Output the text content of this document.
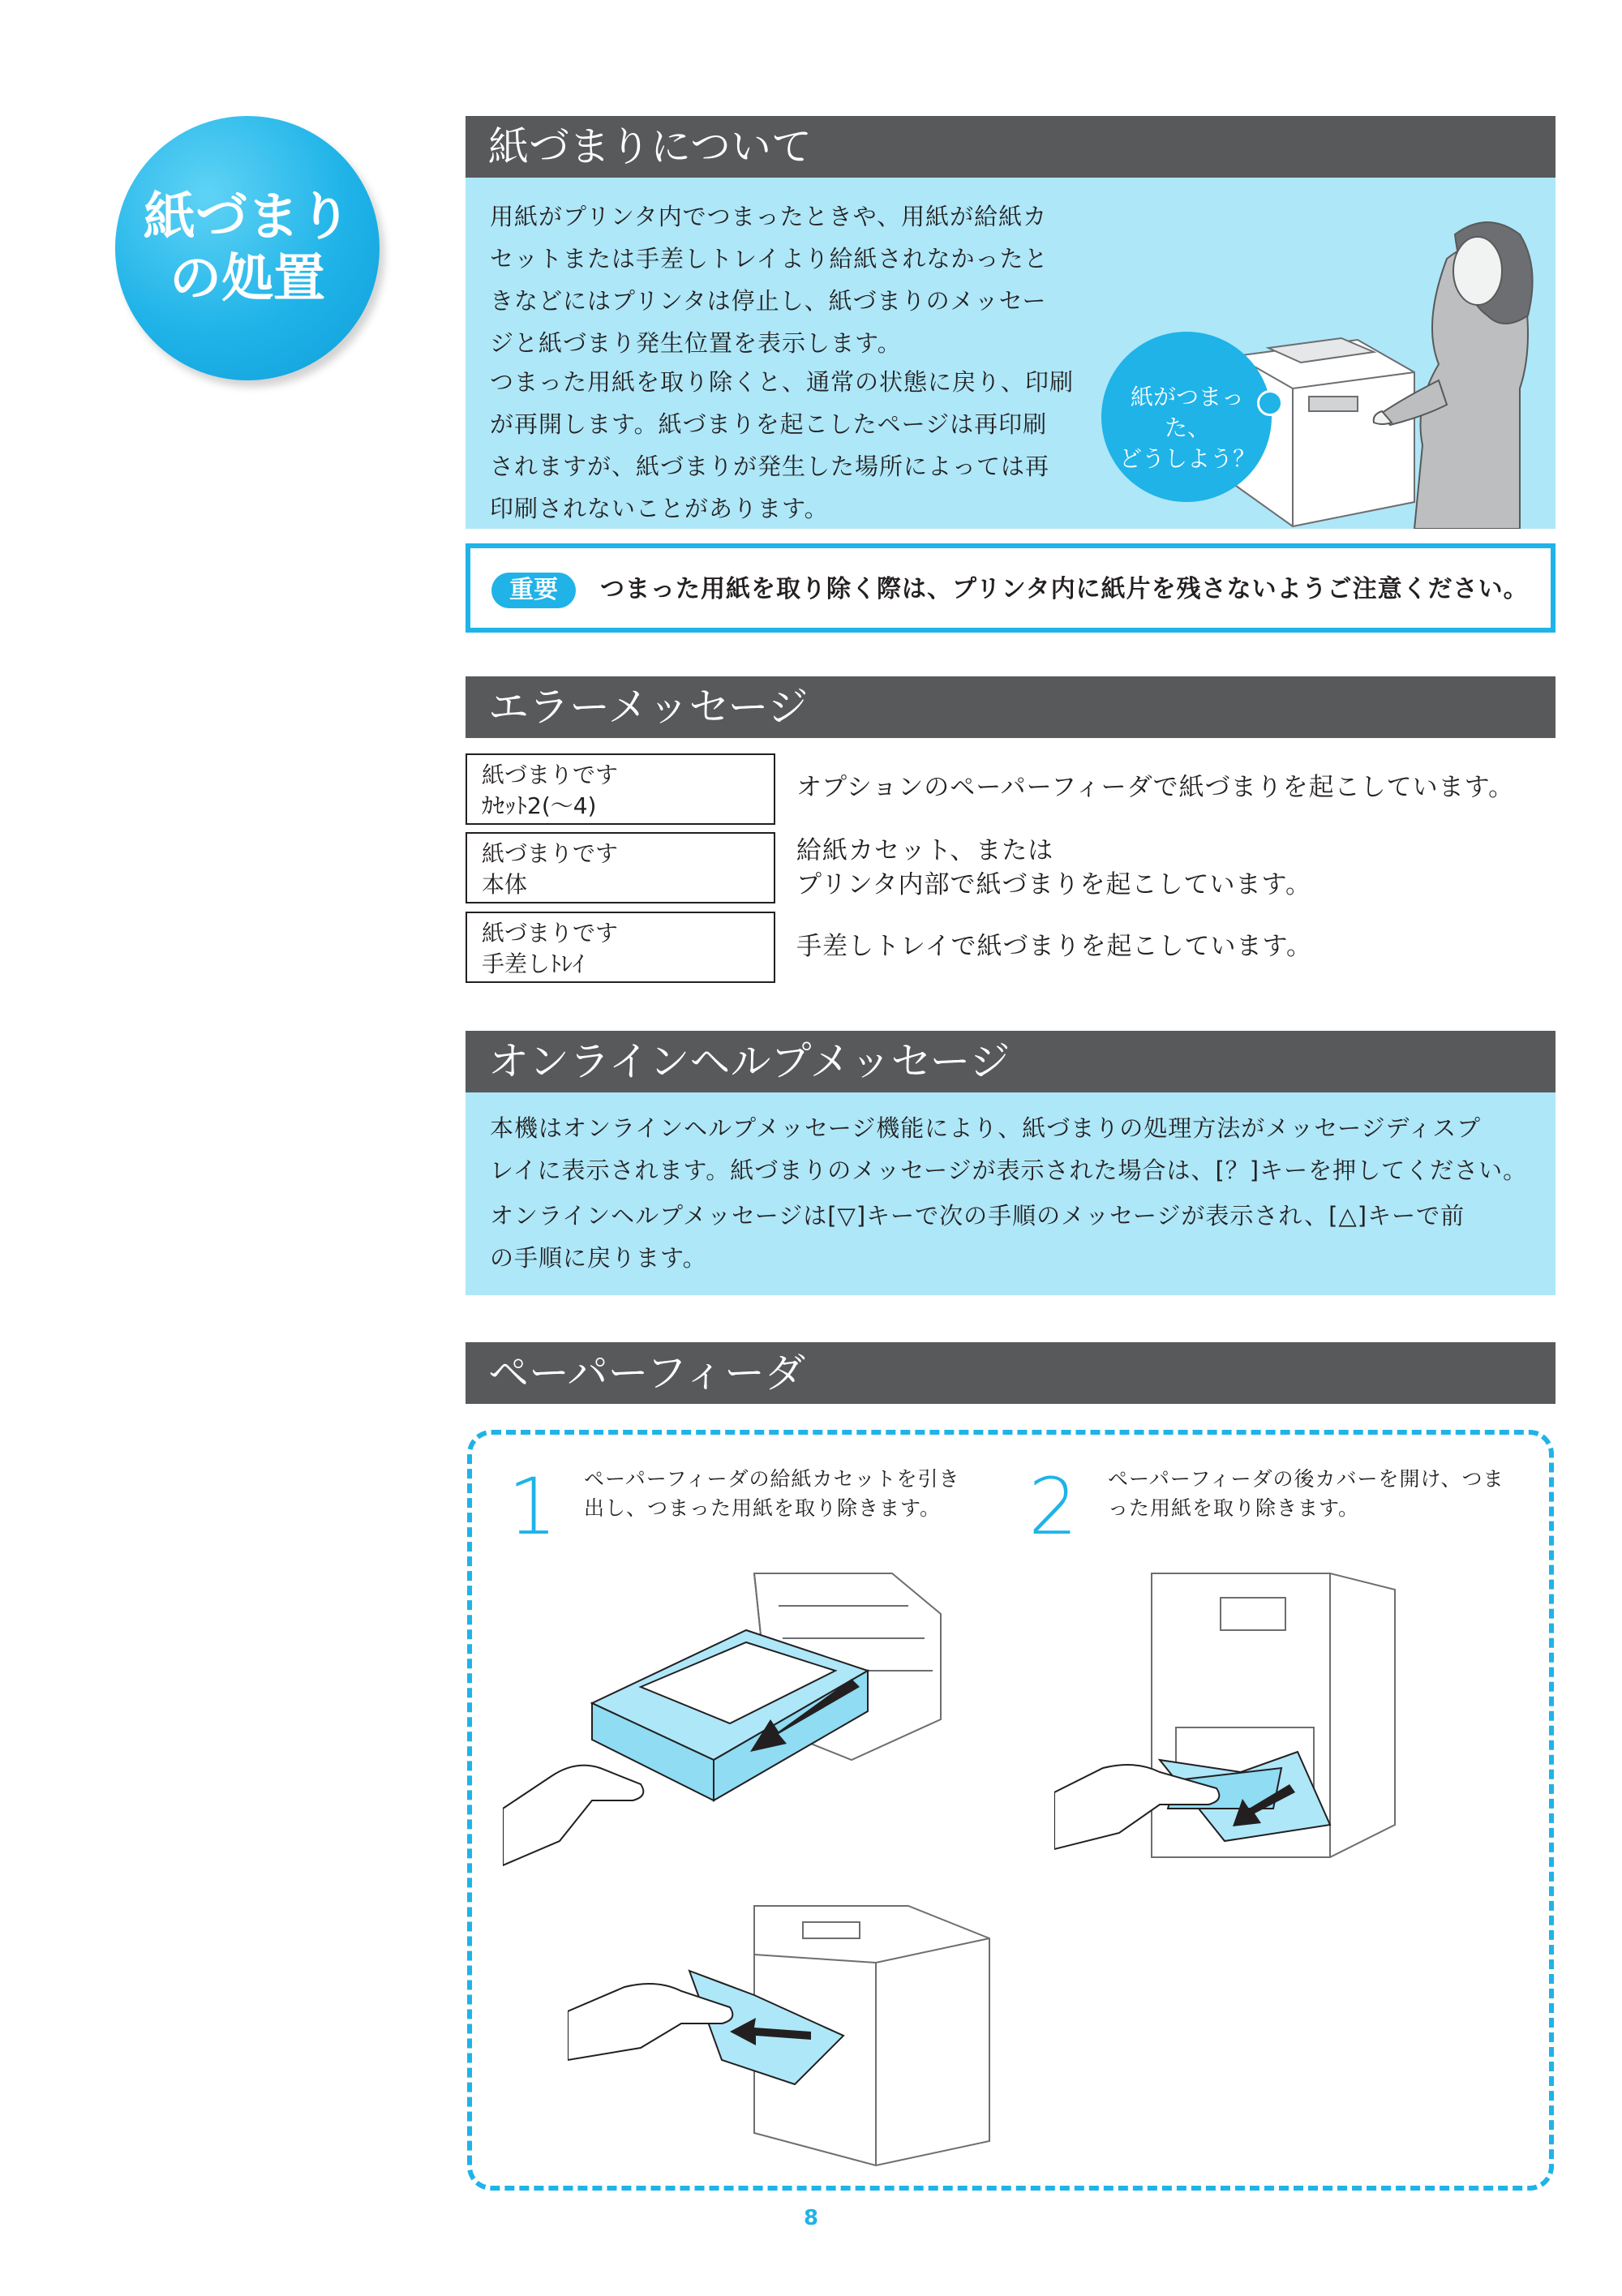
紙づまり
の処置
紙づまりについて
用紙がプリンタ内でつまったときや、用紙が給紙カ
セットまたは手差しトレイより給紙されなかったと
きなどにはプリンタは停止し、紙づまりのメッセー
ジと紙づまり発生位置を表示します。
つまった用紙を取り除くと、通常の状態に戻り、印刷
が再開します。紙づまりを起こしたページは再印刷
されますが、紙づまりが発生した場所によっては再
印刷されないことがあります。
紙がつまった、
どうしよう？
重要	つまった用紙を取り除く際は、プリンタ内に紙片を残さないようご注意ください。
エラーメッセージ
紙づまりです
ｶｾｯﾄ2(～4)
オプションのペーパーフィーダで紙づまりを起こしています。
紙づまりです
本体
給紙カセット、または
プリンタ内部で紙づまりを起こしています。
紙づまりです
手差しﾄﾚｲ
手差しトレイで紙づまりを起こしています。
オンラインヘルプメッセージ
本機はオンラインヘルプメッセージ機能により、紙づまりの処理方法がメッセージディスプ
レイに表示されます。紙づまりのメッセージが表示された場合は、[？]キーを押してください。
オンラインヘルプメッセージは[▽]キーで次の手順のメッセージが表示され、[△]キーで前
の手順に戻ります。
ペーパーフィーダ
1 ペーパーフィーダの給紙カセットを引き
出し、つまった用紙を取り除きます。 2 ペーパーフィーダの後カバーを開け、つま
った用紙を取り除きます。
8
